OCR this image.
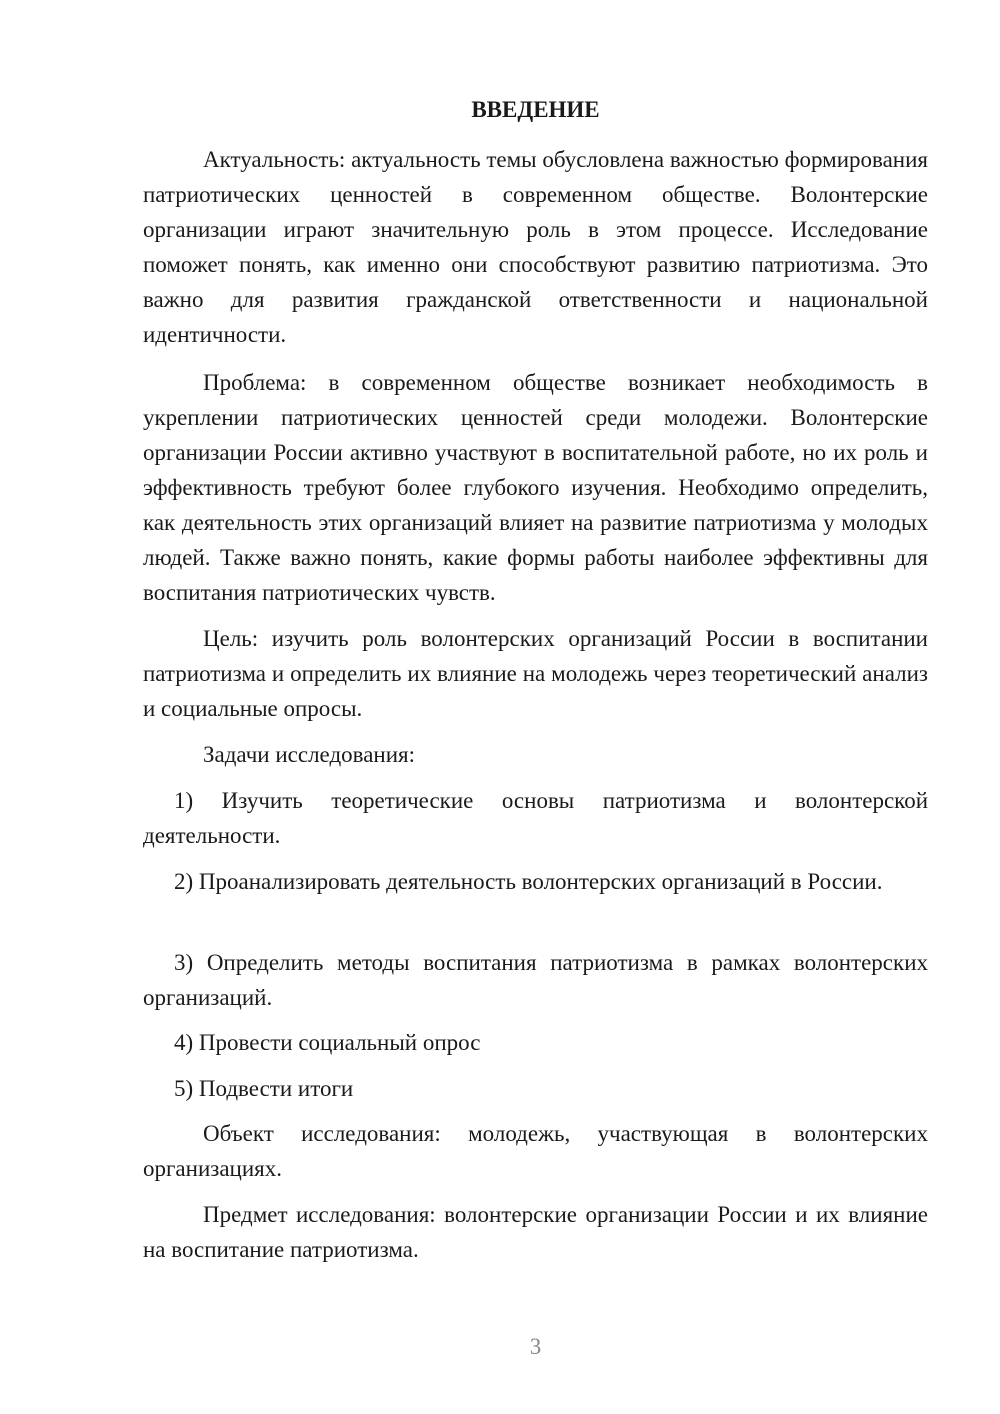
ВВЕДЕНИЕ

Актуальность: актуальность темы обусловлена важностью формирования патриотических ценностей в современном обществе. Волонтерские организации играют значительную роль в этом процессе. Исследование поможет понять, как именно они способствуют развитию патриотизма. Это важно для развития гражданской ответственности и национальной идентичности.

Проблема: в современном обществе возникает необходимость в укреплении патриотических ценностей среди молодежи. Волонтерские организации России активно участвуют в воспитательной работе, но их роль и эффективность требуют более глубокого изучения. Необходимо определить, как деятельность этих организаций влияет на развитие патриотизма у молодых людей. Также важно понять, какие формы работы наиболее эффективны для воспитания патриотических чувств.

Цель: изучить роль волонтерских организаций России в воспитании патриотизма и определить их влияние на молодежь через теоретический анализ и социальные опросы.

Задачи исследования:

1) Изучить теоретические основы патриотизма и волонтерской деятельности.

2) Проанализировать деятельность волонтерских организаций в России.

3) Определить методы воспитания патриотизма в рамках волонтерских организаций.

4) Провести социальный опрос

5) Подвести итоги

Объект исследования: молодежь, участвующая в волонтерских организациях.

Предмет исследования: волонтерские организации России и их влияние на воспитание патриотизма.

3
